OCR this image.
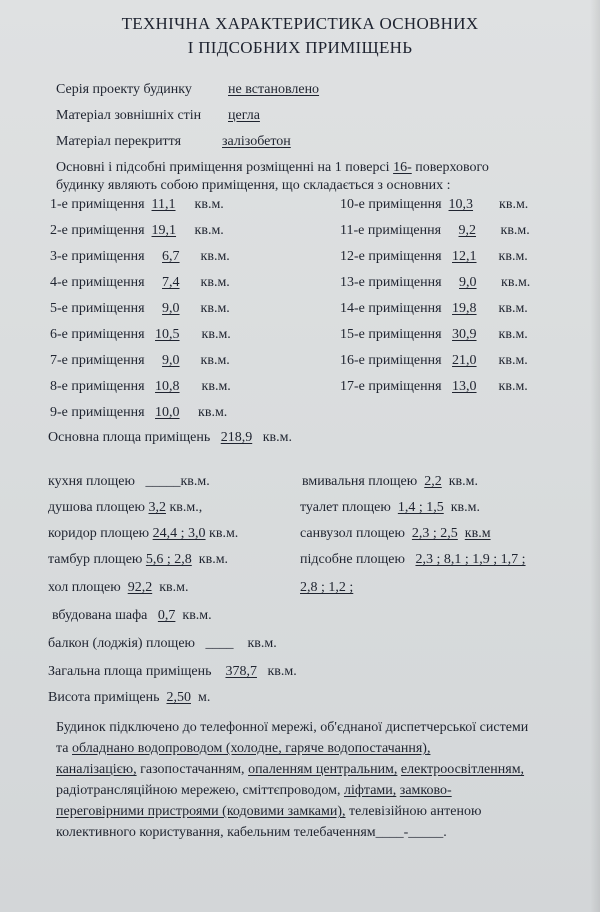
ТЕХНІЧНА ХАРАКТЕРИСТИКА ОСНОВНИХ
І ПІДСОБНИХ ПРИМІЩЕНЬ
Серія проекту будинку	не встановлено
Матеріал зовнішніх стін цегла
Матеріал перекриття	залізобетон
Основні і підсобні приміщення розміщенні на 1 поверсі 16- поверхового
будинку являють собою приміщення, що складається з основних :
1-е приміщення 11,1 кв.м.
2-е приміщення 19,1 кв.м.
3-е приміщення 6,7 кв.м.
4-е приміщення 7,4 кв.м.
5-е приміщення 9,0 кв.м.
6-е приміщення 10,5 кв.м.
7-е приміщення 9,0 кв.м.
8-е приміщення 10,8 кв.м.
9-е приміщення 10,0 кв.м.
10-е приміщення 10,3 кв.м.
11-е приміщення 9,2 кв.м.
12-е приміщення 12,1 кв.м.
13-е приміщення 9,0 кв.м.
14-е приміщення 19,8 кв.м.
15-е приміщення 30,9 кв.м.
16-е приміщення 21,0 кв.м.
17-е приміщення 13,0 кв.м.
Основна площа приміщень 218,9 кв.м.
кухня площею _____кв.м.
душова площею 3,2 кв.м.,
коридор площею 24,4 ; 3,0 кв.м.
тамбур площею 5,6 ; 2,8 кв.м.
хол площею 92,2 кв.м.
вбудована шафа 0,7 кв.м.
балкон (лоджія) площею ____ кв.м.
вмивальня площею 2,2 кв.м.
туалет площею 1,4 ; 1,5 кв.м.
санвузол площею 2,3 ; 2,5 кв.м
підсобне площею 2,3 ; 8,1 ; 1,9 ; 1,7 ;
2,8 ; 1,2 ;
Загальна площа приміщень 378,7 кв.м.
Висота приміщень 2,50 м.
Будинок підключено до телефонної мережі, об'єднаної диспетчерської системи
та обладнано водопроводом (холодне, гаряче водопостачання),
каналізацією, газопостачанням, опаленням центральним, електроосвітленням,
радіотрансляційною мережею, сміттєпроводом, ліфтами, замково-
переговірними пристроями (кодовими замками), телевізійною антеною
колективного користування, кабельним телебаченням____-_____.
